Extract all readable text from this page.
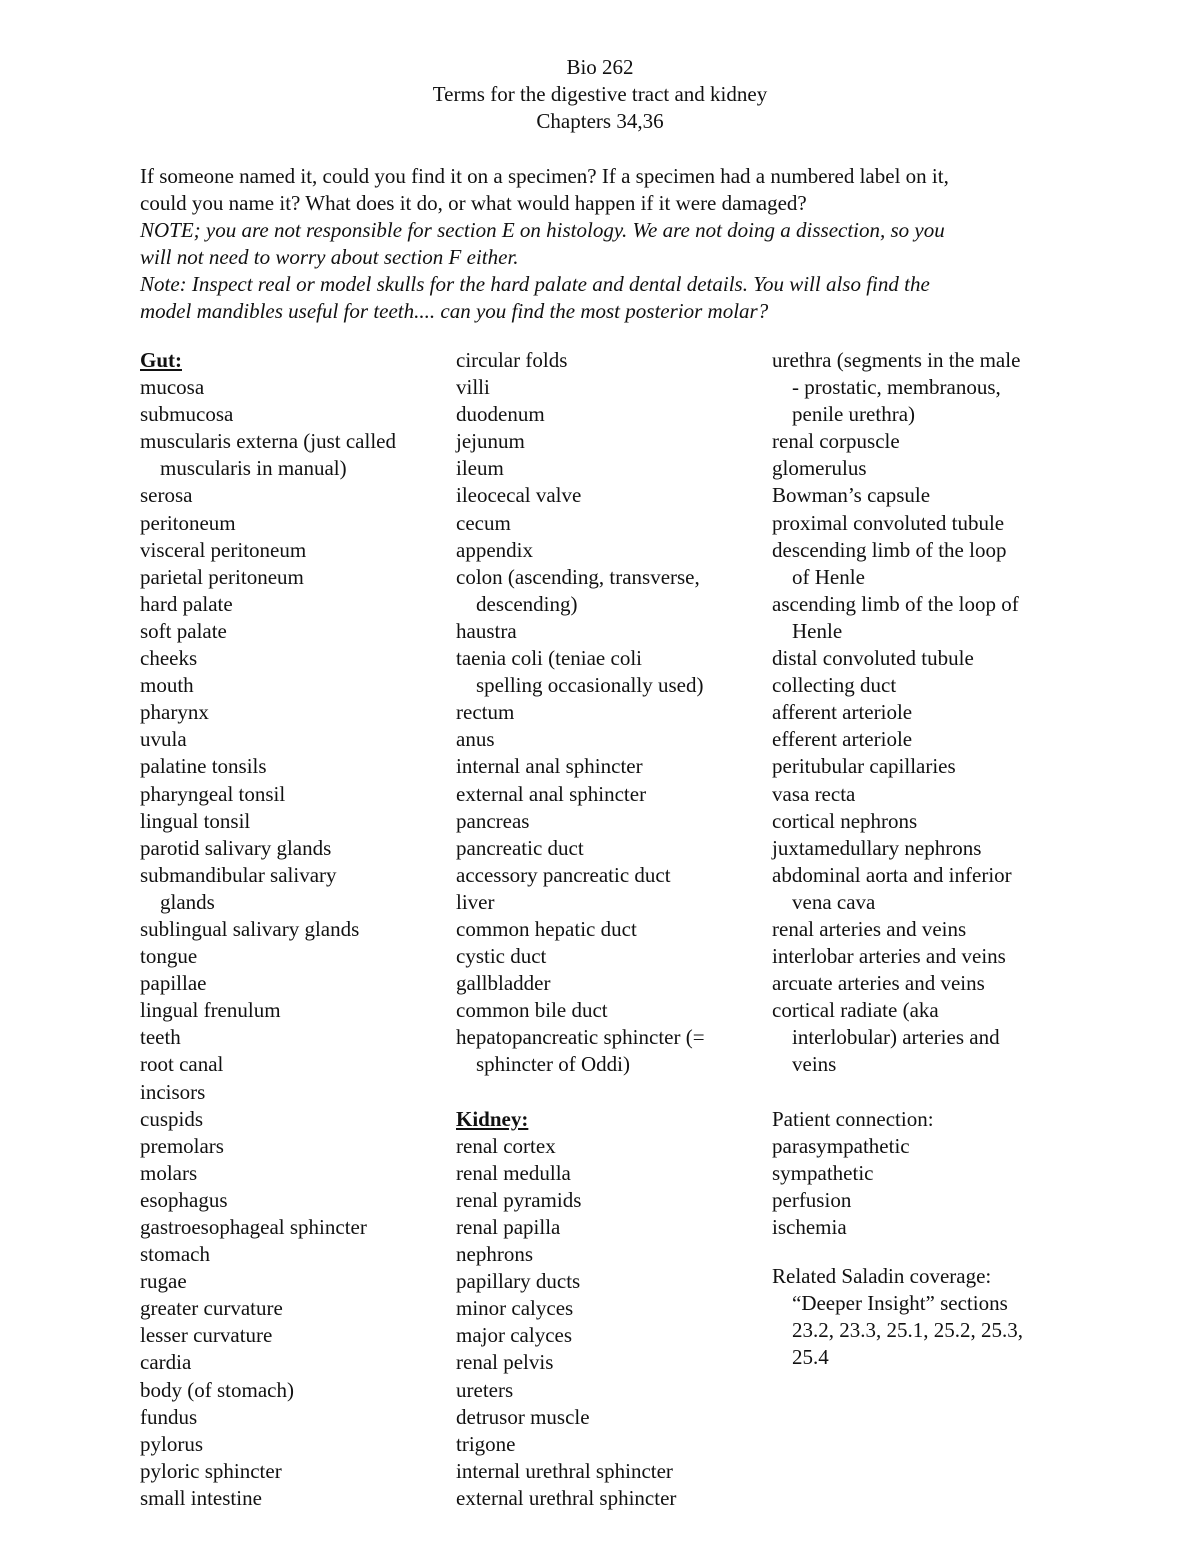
Bio 262
Terms for the digestive tract and kidney
Chapters 34,36
If someone named it, could you find it on a specimen? If a specimen had a numbered label on it,
could you name it? What does it do, or what would happen if it were damaged?
NOTE; you are not responsible for section E on histology. We are not doing a dissection, so you
will not need to worry about section F either.
Note: Inspect real or model skulls for the hard palate and dental details. You will also find the
model mandibles useful for teeth.... can you find the most posterior molar?
Gut:
mucosa
submucosa
muscularis externa (just called
muscularis in manual)
serosa
peritoneum
visceral peritoneum
parietal peritoneum
hard palate
soft palate
cheeks
mouth
pharynx
uvula
palatine tonsils
pharyngeal tonsil
lingual tonsil
parotid salivary glands
submandibular salivary
glands
sublingual salivary glands
tongue
papillae
lingual frenulum
teeth
root canal
incisors
cuspids
premolars
molars
esophagus
gastroesophageal sphincter
stomach
rugae
greater curvature
lesser curvature
cardia
body (of stomach)
fundus
pylorus
pyloric sphincter
small intestine
circular folds
villi
duodenum
jejunum
ileum
ileocecal valve
cecum
appendix
colon (ascending, transverse,
descending)
haustra
taenia coli (teniae coli
spelling occasionally used)
rectum
anus
internal anal sphincter
external anal sphincter
pancreas
pancreatic duct
accessory pancreatic duct
liver
common hepatic duct
cystic duct
gallbladder
common bile duct
hepatopancreatic sphincter (=
sphincter of Oddi)
Kidney:
renal cortex
renal medulla
renal pyramids
renal papilla
nephrons
papillary ducts
minor calyces
major calyces
renal pelvis
ureters
detrusor muscle
trigone
internal urethral sphincter
external urethral sphincter
urethra (segments in the male
- prostatic, membranous,
penile urethra)
renal corpuscle
glomerulus
Bowman’s capsule
proximal convoluted tubule
descending limb of the loop
of Henle
ascending limb of the loop of
Henle
distal convoluted tubule
collecting duct
afferent arteriole
efferent arteriole
peritubular capillaries
vasa recta
cortical nephrons
juxtamedullary nephrons
abdominal aorta and inferior
vena cava
renal arteries and veins
interlobar arteries and veins
arcuate arteries and veins
cortical radiate (aka
interlobular) arteries and
veins
Patient connection:
parasympathetic
sympathetic
perfusion
ischemia
Related Saladin coverage:
“Deeper Insight” sections
23.2, 23.3, 25.1, 25.2, 25.3,
25.4
